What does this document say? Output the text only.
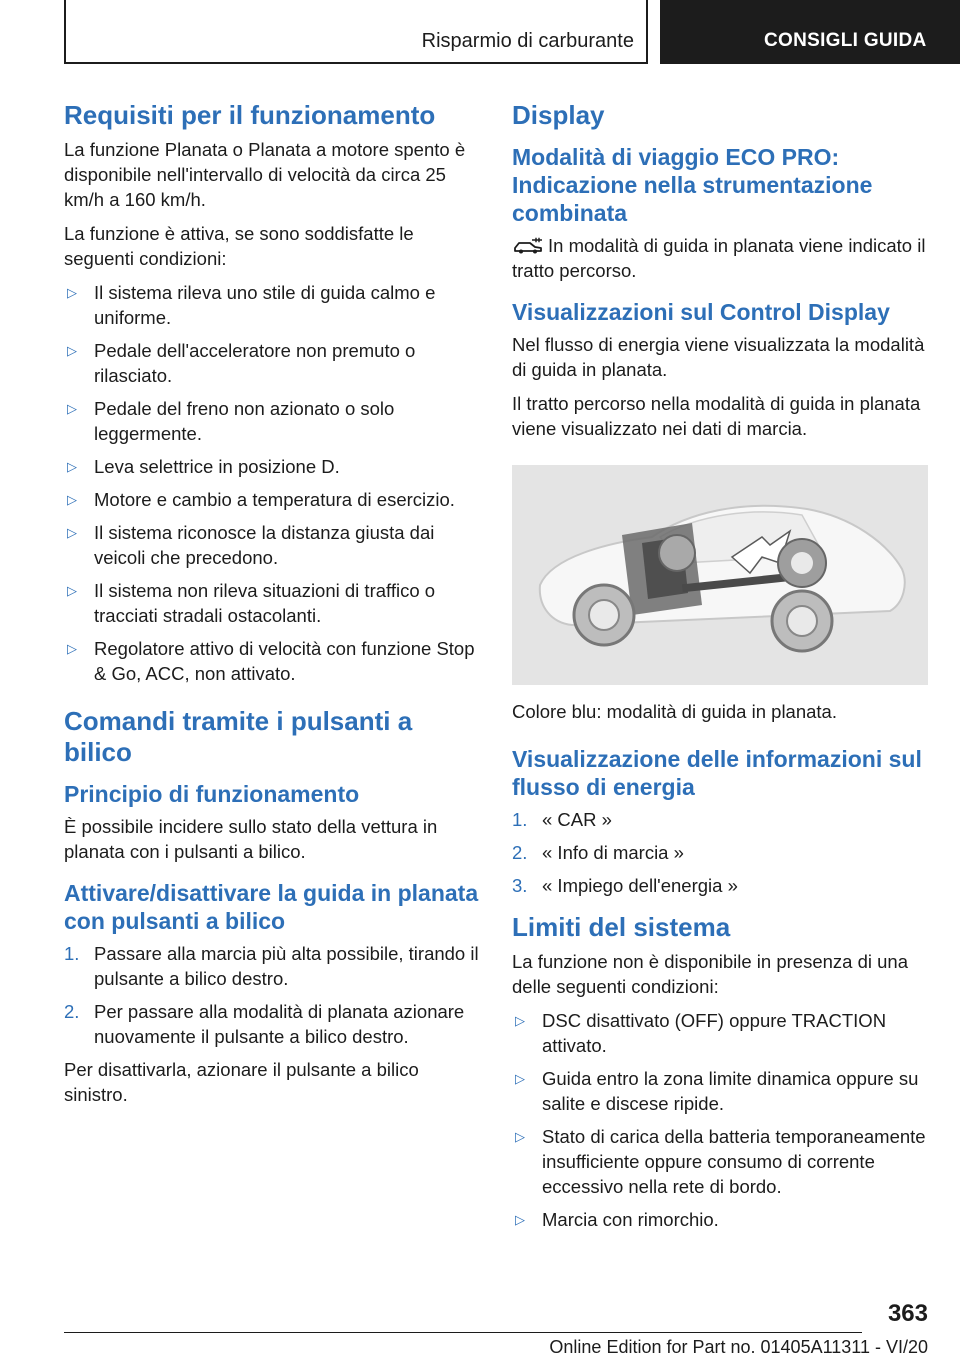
Risparmio di carburante	CONSIGLI GUIDA
Requisiti per il funzionamento
La funzione Planata o Planata a motore spento è disponibile nell'intervallo di velocità da circa 25 km/h a 160 km/h.
La funzione è attiva, se sono soddisfatte le seguenti condizioni:
▷ Il sistema rileva uno stile di guida calmo e uniforme.
▷ Pedale dell'acceleratore non premuto o rilasciato.
▷ Pedale del freno non azionato o solo leggermente.
▷ Leva selettrice in posizione D.
▷ Motore e cambio a temperatura di esercizio.
▷ Il sistema riconosce la distanza giusta dai veicoli che precedono.
▷ Il sistema non rileva situazioni di traffico o tracciati stradali ostacolanti.
▷ Regolatore attivo di velocità con funzione Stop & Go, ACC, non attivato.
Comandi tramite i pulsanti a bilico
Principio di funzionamento
È possibile incidere sullo stato della vettura in planata con i pulsanti a bilico.
Attivare/disattivare la guida in planata con pulsanti a bilico
1. Passare alla marcia più alta possibile, tirando il pulsante a bilico destro.
2. Per passare alla modalità di planata azionare nuovamente il pulsante a bilico destro.
Per disattivarla, azionare il pulsante a bilico sinistro.
Display
Modalità di viaggio ECO PRO: Indicazione nella strumentazione combinata
In modalità di guida in planata viene indicato il tratto percorso.
Visualizzazioni sul Control Display
Nel flusso di energia viene visualizzata la modalità di guida in planata.
Il tratto percorso nella modalità di guida in planata viene visualizzato nei dati di marcia.
Colore blu: modalità di guida in planata.
Visualizzazione delle informazioni sul flusso di energia
1. « CAR »
2. « Info di marcia »
3. « Impiego dell'energia »
Limiti del sistema
La funzione non è disponibile in presenza di una delle seguenti condizioni:
▷ DSC disattivato (OFF) oppure TRACTION attivato.
▷ Guida entro la zona limite dinamica oppure su salite e discese ripide.
▷ Stato di carica della batteria temporaneamente insufficiente oppure consumo di corrente eccessivo nella rete di bordo.
▷ Marcia con rimorchio.
363
Online Edition for Part no. 01405A11311 - VI/20
